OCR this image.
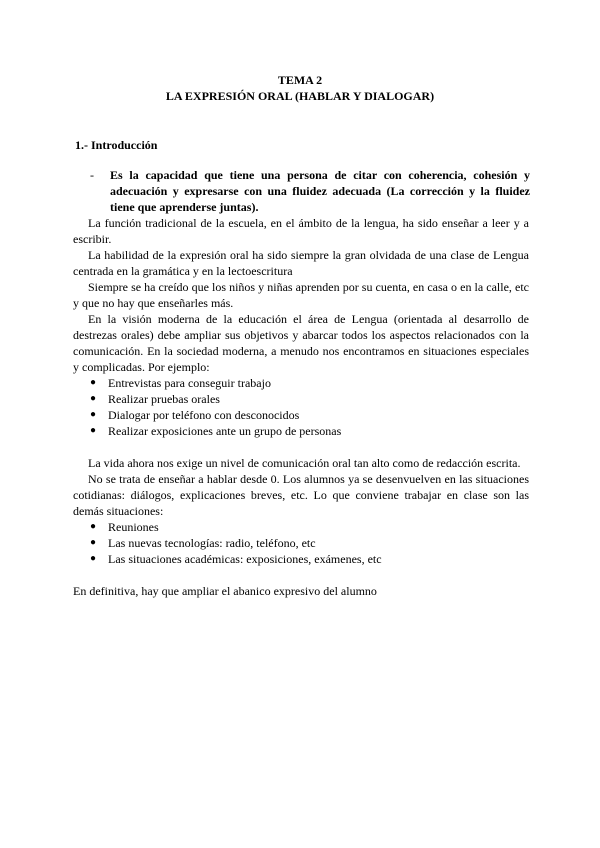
TEMA 2
LA EXPRESIÓN ORAL (HABLAR Y DIALOGAR)
1.- Introducción
- Es la capacidad que tiene una persona de citar con coherencia, cohesión y adecuación y expresarse con una fluidez adecuada (La corrección y la fluidez tiene que aprenderse juntas).
La función tradicional de la escuela, en el ámbito de la lengua, ha sido enseñar a leer y a escribir.
La habilidad de la expresión oral ha sido siempre la gran olvidada de una clase de Lengua centrada en la gramática y en la lectoescritura
Siempre se ha creído que los niños y niñas aprenden por su cuenta, en casa o en la calle, etc y que no hay que enseñarles más.
En la visión moderna de la educación el área de Lengua (orientada al desarrollo de destrezas orales) debe ampliar sus objetivos y abarcar todos los aspectos relacionados con la comunicación. En la sociedad moderna, a menudo nos encontramos en situaciones especiales y complicadas. Por ejemplo:
● Entrevistas para conseguir trabajo
● Realizar pruebas orales
● Dialogar por teléfono con desconocidos
● Realizar exposiciones ante un grupo de personas
La vida ahora nos exige un nivel de comunicación oral tan alto como de redacción escrita.
No se trata de enseñar a hablar desde 0. Los alumnos ya se desenvuelven en las situaciones cotidianas: diálogos, explicaciones breves, etc. Lo que conviene trabajar en clase son las demás situaciones:
● Reuniones
● Las nuevas tecnologías: radio, teléfono, etc
● Las situaciones académicas: exposiciones, exámenes, etc
En definitiva, hay que ampliar el abanico expresivo del alumno
